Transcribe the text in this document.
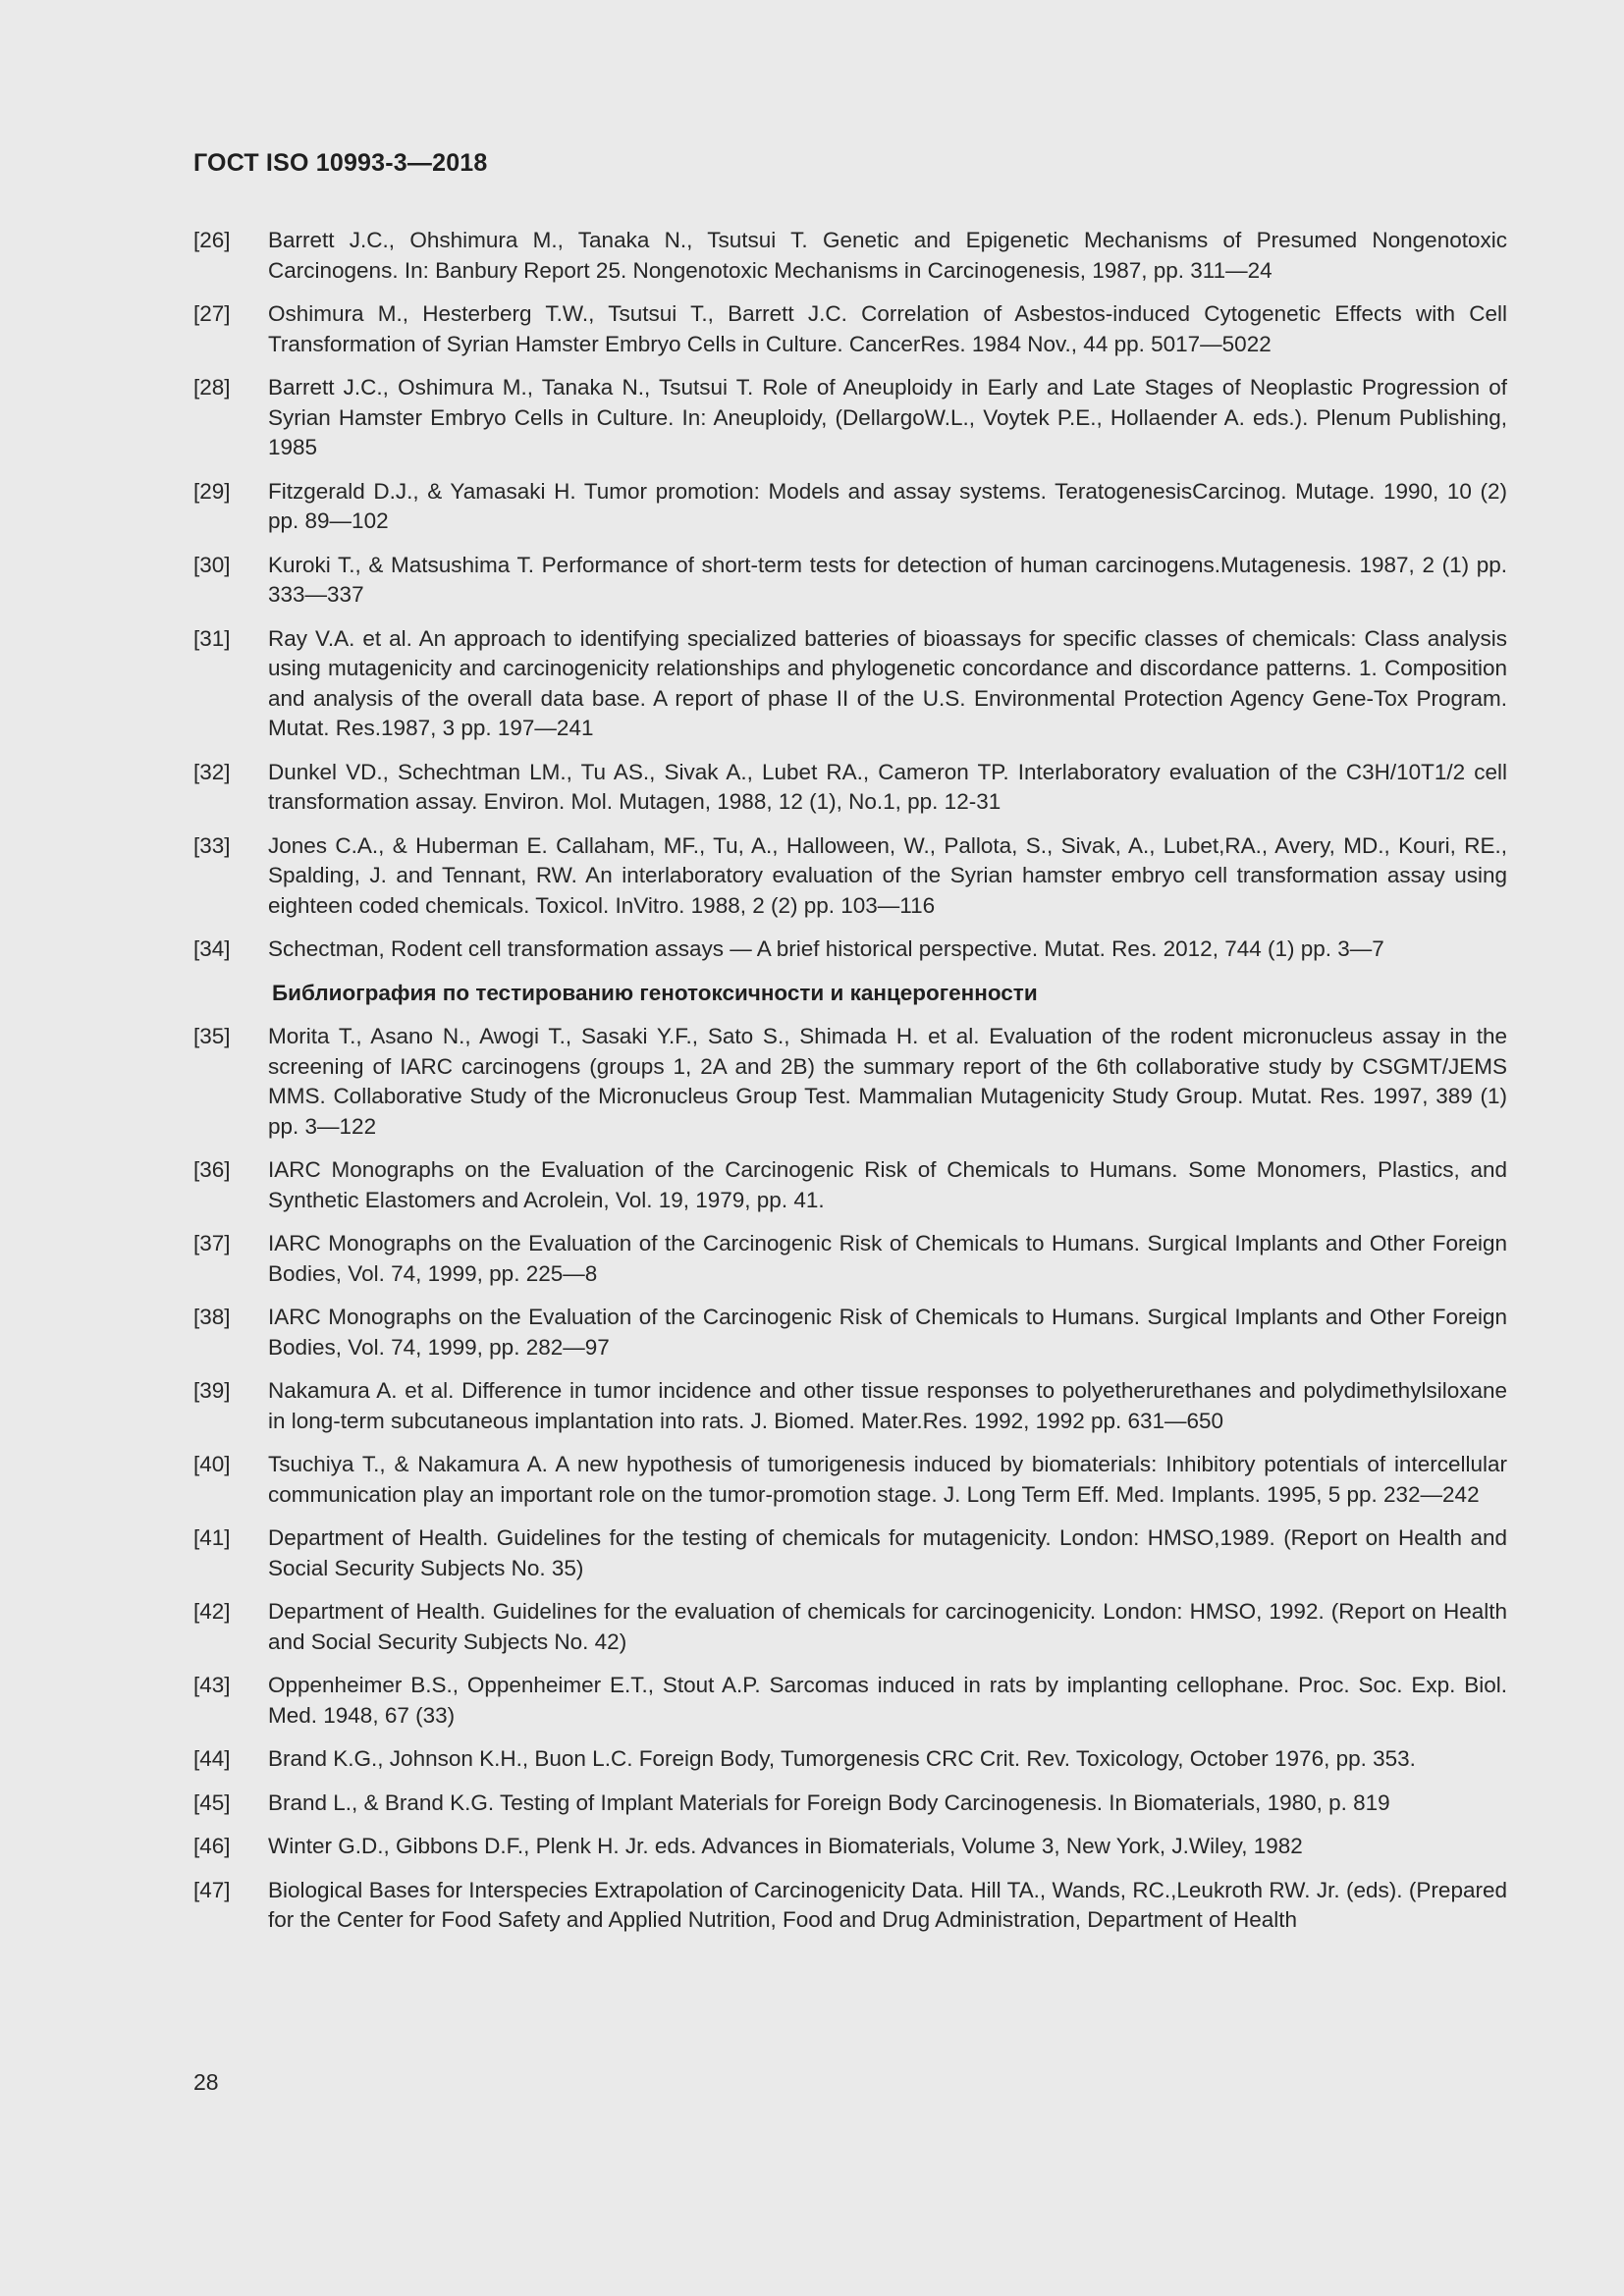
ГОСТ ISO 10993-3—2018
[26]	Barrett J.C., Ohshimura M., Tanaka N., Tsutsui T. Genetic and Epigenetic Mechanisms of Presumed Nongenotoxic Carcinogens. In: Banbury Report 25. Nongenotoxic Mechanisms in Carcinogenesis, 1987, pp. 311—24
[27]	Oshimura M., Hesterberg T.W., Tsutsui T., Barrett J.C. Correlation of Asbestos-induced Cytogenetic Effects with Cell Transformation of Syrian Hamster Embryo Cells in Culture. CancerRes. 1984 Nov., 44 pp. 5017—5022
[28]	Barrett J.C., Oshimura M., Tanaka N., Tsutsui T. Role of Aneuploidy in Early and Late Stages of Neoplastic Progression of Syrian Hamster Embryo Cells in Culture. In: Aneuploidy, (DellargoW.L., Voytek P.E., Hollaender A. eds.). Plenum Publishing, 1985
[29]	Fitzgerald D.J., & Yamasaki H. Tumor promotion: Models and assay systems. TeratogenesisCarcinog. Mutage. 1990, 10 (2) pp. 89—102
[30]	Kuroki T., & Matsushima T. Performance of short-term tests for detection of human carcinogens.Mutagenesis. 1987, 2 (1) pp. 333—337
[31]	Ray V.A. et al. An approach to identifying specialized batteries of bioassays for specific classes of chemicals: Class analysis using mutagenicity and carcinogenicity relationships and phylogenetic concordance and discordance patterns. 1. Composition and analysis of the overall data base. A report of phase II of the U.S. Environmental Protection Agency Gene-Tox Program. Mutat. Res.1987, 3 pp. 197—241
[32]	Dunkel VD., Schechtman LM., Tu AS., Sivak A., Lubet RA., Cameron TP. Interlaboratory evaluation of the C3H/10T1/2 cell transformation assay. Environ. Mol. Mutagen, 1988, 12 (1), No.1, pp. 12-31
[33]	Jones C.A., & Huberman E. Callaham, MF., Tu, A., Halloween, W., Pallota, S., Sivak, A., Lubet,RA., Avery, MD., Kouri, RE., Spalding, J. and Tennant, RW. An interlaboratory evaluation of the Syrian hamster embryo cell transformation assay using eighteen coded chemicals. Toxicol. InVitro. 1988, 2 (2) pp. 103—116
[34]	Schectman, Rodent cell transformation assays — A brief historical perspective. Mutat. Res. 2012, 744 (1) pp. 3—7
Библиография по тестированию генотоксичности и канцерогенности
[35]	Morita T., Asano N., Awogi T., Sasaki Y.F., Sato S., Shimada H. et al. Evaluation of the rodent micronucleus assay in the screening of IARC carcinogens (groups 1, 2A and 2B) the summary report of the 6th collaborative study by CSGMT/JEMS MMS. Collaborative Study of the Micronucleus Group Test. Mammalian Mutagenicity Study Group. Mutat. Res. 1997, 389 (1) pp. 3—122
[36]	IARC Monographs on the Evaluation of the Carcinogenic Risk of Chemicals to Humans. Some Monomers, Plastics, and Synthetic Elastomers and Acrolein, Vol. 19, 1979, pp. 41.
[37]	IARC Monographs on the Evaluation of the Carcinogenic Risk of Chemicals to Humans. Surgical Implants and Other Foreign Bodies, Vol. 74, 1999, pp. 225—8
[38]	IARC Monographs on the Evaluation of the Carcinogenic Risk of Chemicals to Humans. Surgical Implants and Other Foreign Bodies, Vol. 74, 1999, pp. 282—97
[39]	Nakamura A. et al. Difference in tumor incidence and other tissue responses to polyetherurethanes and polydimethylsiloxane in long-term subcutaneous implantation into rats. J. Biomed. Mater.Res. 1992, 1992 pp. 631—650
[40]	Tsuchiya T., & Nakamura A. A new hypothesis of tumorigenesis induced by biomaterials: Inhibitory potentials of intercellular communication play an important role on the tumor-promotion stage. J. Long Term Eff. Med. Implants. 1995, 5 pp. 232—242
[41]	Department of Health. Guidelines for the testing of chemicals for mutagenicity. London: HMSO,1989. (Report on Health and Social Security Subjects No. 35)
[42]	Department of Health. Guidelines for the evaluation of chemicals for carcinogenicity. London: HMSO, 1992. (Report on Health and Social Security Subjects No. 42)
[43]	Oppenheimer B.S., Oppenheimer E.T., Stout A.P. Sarcomas induced in rats by implanting cellophane. Proc. Soc. Exp. Biol. Med. 1948, 67 (33)
[44]	Brand K.G., Johnson K.H., Buon L.C. Foreign Body, Tumorgenesis CRC Crit. Rev. Toxicology, October 1976, pp. 353.
[45]	Brand L., & Brand K.G. Testing of Implant Materials for Foreign Body Carcinogenesis. In Biomaterials, 1980, p. 819
[46]	Winter G.D., Gibbons D.F., Plenk H. Jr. eds. Advances in Biomaterials, Volume 3, New York, J.Wiley, 1982
[47]	Biological Bases for Interspecies Extrapolation of Carcinogenicity Data. Hill TA., Wands, RC.,Leukroth RW. Jr. (eds). (Prepared for the Center for Food Safety and Applied Nutrition, Food and Drug Administration, Department of Health
28
